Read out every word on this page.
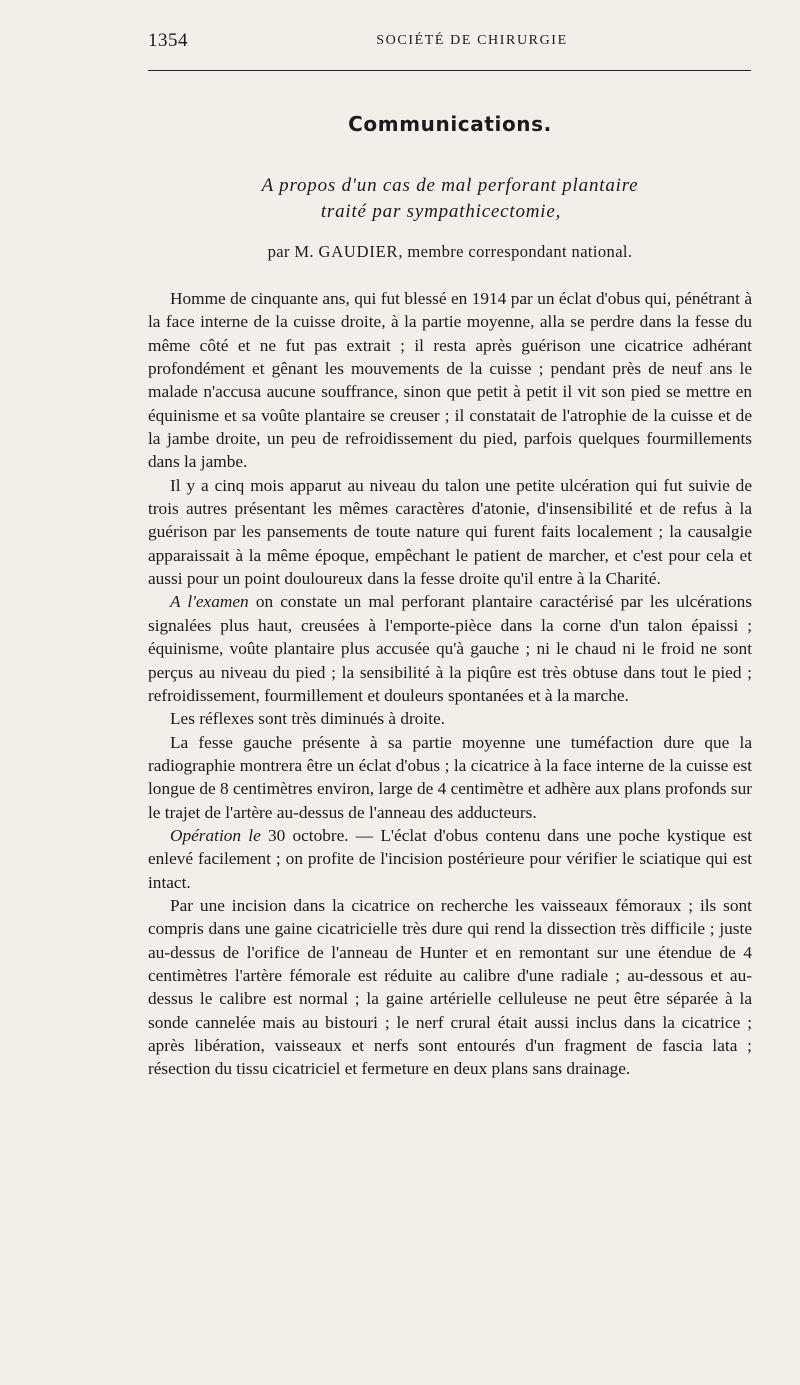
1354	SOCIÉTÉ DE CHIRURGIE
Communications.
A propos d'un cas de mal perforant plantaire
traité par sympathicectomie,
par M. GAUDIER, membre correspondant national.

Homme de cinquante ans, qui fut blessé en 1914 par un éclat d'obus qui, pénétrant à la face interne de la cuisse droite, à la partie moyenne, alla se perdre dans la fesse du même côté et ne fut pas extrait ; il resta après guérison une cicatrice adhérant profondément et gênant les mouvements de la cuisse ; pendant près de neuf ans le malade n'accusa aucune souffrance, sinon que petit à petit il vit son pied se mettre en équinisme et sa voûte plantaire se creuser ; il constatait de l'atrophie de la cuisse et de la jambe droite, un peu de refroidissement du pied, parfois quelques fourmillements dans la jambe.

Il y a cinq mois apparut au niveau du talon une petite ulcération qui fut suivie de trois autres présentant les mêmes caractères d'atonie, d'insensibilité et de refus à la guérison par les pansements de toute nature qui furent faits localement ; la causalgie apparaissait à la même époque, empêchant le patient de marcher, et c'est pour cela et aussi pour un point douloureux dans la fesse droite qu'il entre à la Charité.

A l'examen on constate un mal perforant plantaire caractérisé par les ulcérations signalées plus haut, creusées à l'emporte-pièce dans la corne d'un talon épaissi ; équinisme, voûte plantaire plus accusée qu'à gauche ; ni le chaud ni le froid ne sont perçus au niveau du pied ; la sensibilité à la piqûre est très obtuse dans tout le pied ; refroidissement, fourmillement et douleurs spontanées et à la marche.

Les réflexes sont très diminués à droite.

La fesse gauche présente à sa partie moyenne une tuméfaction dure que la radiographie montrera être un éclat d'obus ; la cicatrice à la face interne de la cuisse est longue de 8 centimètres environ, large de 4 centimètre et adhère aux plans profonds sur le trajet de l'artère au-dessus de l'anneau des adducteurs.

Opération le 30 octobre. — L'éclat d'obus contenu dans une poche kystique est enlevé facilement ; on profite de l'incision postérieure pour vérifier le sciatique qui est intact.

Par une incision dans la cicatrice on recherche les vaisseaux fémoraux ; ils sont compris dans une gaine cicatricielle très dure qui rend la dissection très difficile ; juste au-dessus de l'orifice de l'anneau de Hunter et en remontant sur une étendue de 4 centimètres l'artère fémorale est réduite au calibre d'une radiale ; au-dessous et au-dessus le calibre est normal ; la gaine artérielle celluleuse ne peut être séparée à la sonde cannelée mais au bistouri ; le nerf crural était aussi inclus dans la cicatrice ; après libération, vaisseaux et nerfs sont entourés d'un fragment de fascia lata ; résection du tissu cicatriciel et fermeture en deux plans sans drainage.
